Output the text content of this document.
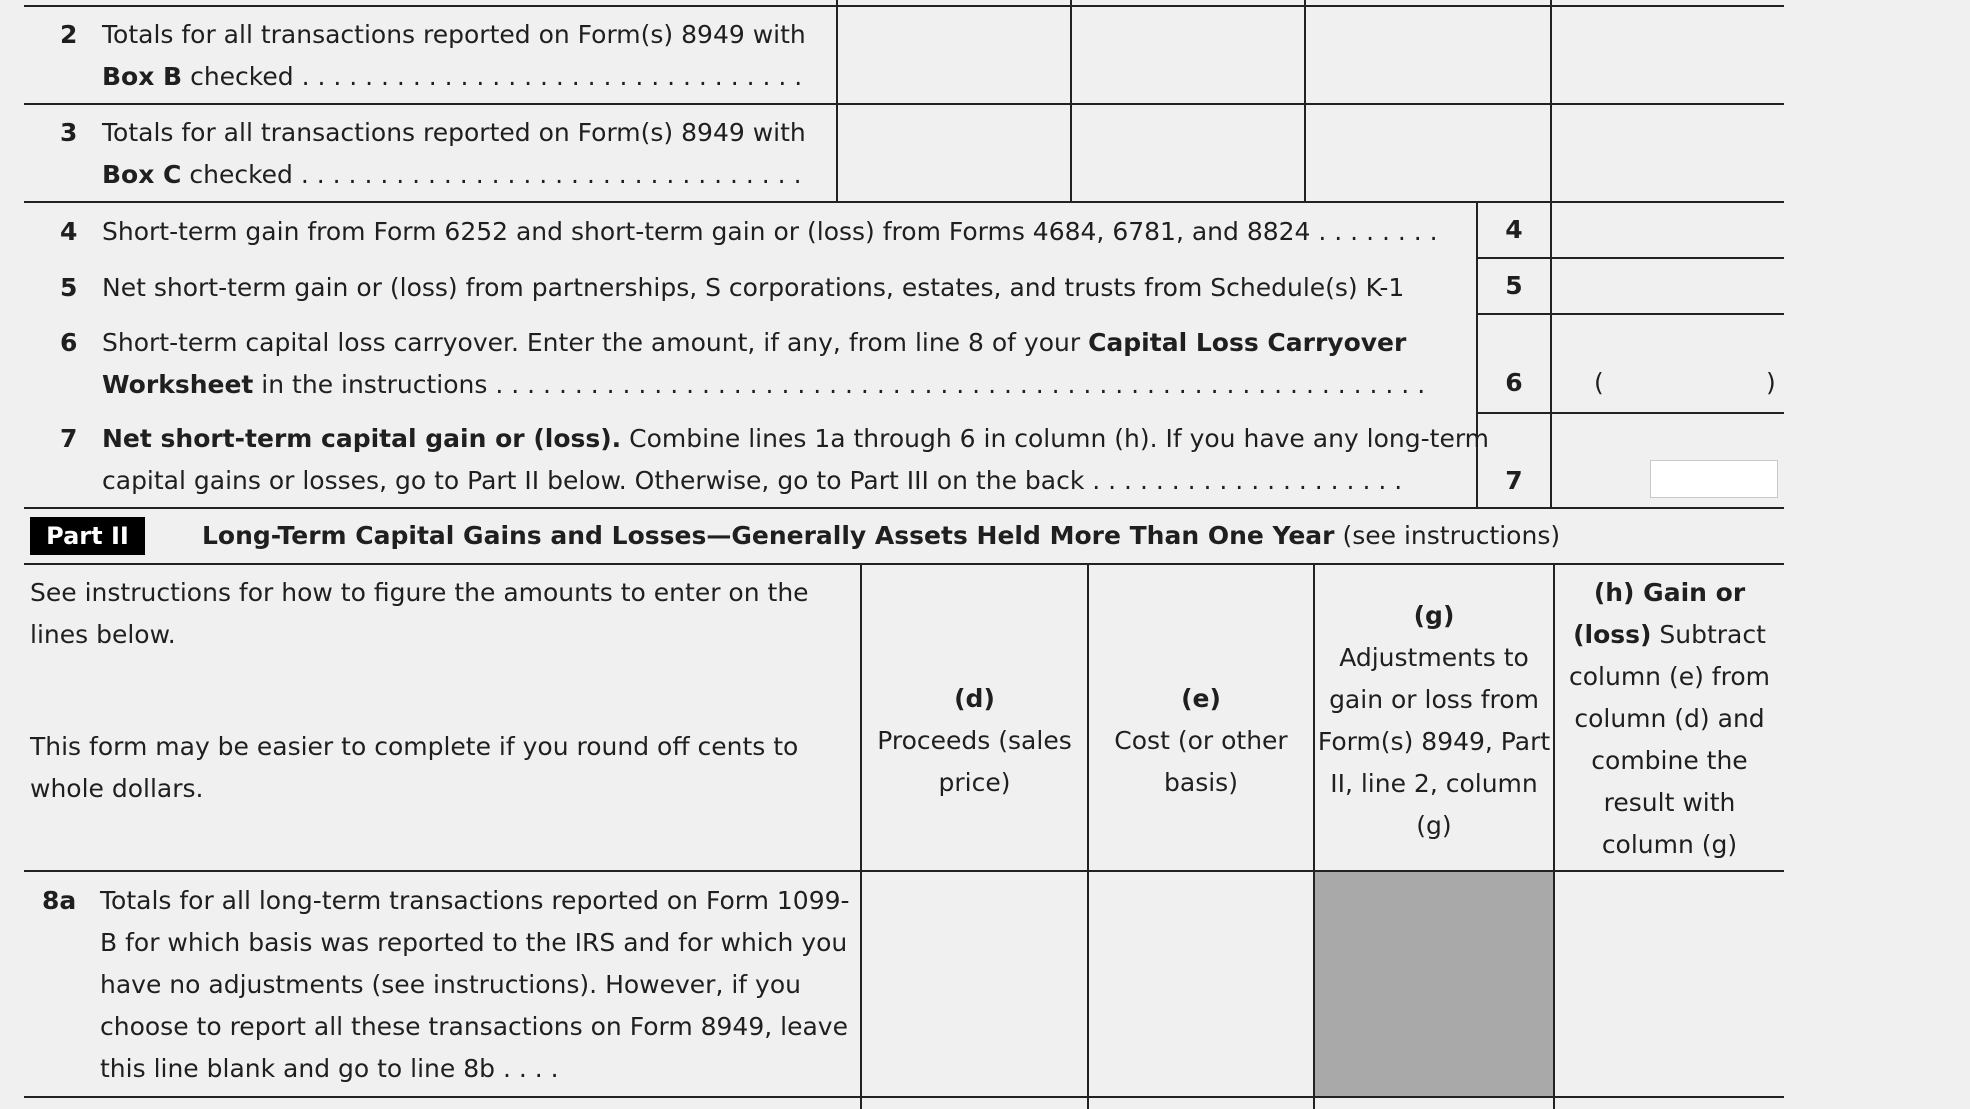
2 Totals for all transactions reported on Form(s) 8949 with
Box B checked . . . . . . . . . . . . . . . . . . . . . . . . . . . . . . . .
3 Totals for all transactions reported on Form(s) 8949 with
Box C checked . . . . . . . . . . . . . . . . . . . . . . . . . . . . . . . .
4 Short-term gain from Form 6252 and short-term gain or (loss) from Forms 4684, 6781, and 8824 . . . . . . . .	4
5 Net short-term gain or (loss) from partnerships, S corporations, estates, and trusts from Schedule(s) K-1	5
6 Short-term capital loss carryover. Enter the amount, if any, from line 8 of your Capital Loss Carryover
Worksheet in the instructions . . . . . . . . . . . . . . . . . . . . . . . . . . . . . . . . . . . . . . . . . . . . . . . . . . . . . . . . . . .	6	(	)
7 Net short-term capital gain or (loss). Combine lines 1a through 6 in column (h). If you have any long-term
capital gains or losses, go to Part II below. Otherwise, go to Part III on the back . . . . . . . . . . . . . . . . . . . .	7
Part II	Long-Term Capital Gains and Losses—Generally Assets Held More Than One Year (see instructions)
See instructions for how to figure the amounts to enter on the lines below.
This form may be easier to complete if you round off cents to whole dollars.
(d)
Proceeds (sales price)
(e)
Cost (or other basis)
(g)
Adjustments to gain or loss from Form(s) 8949, Part II, line 2, column (g)
(h) Gain or (loss) Subtract column (e) from column (d) and combine the result with column (g)
8a Totals for all long-term transactions reported on Form 1099-B for which basis was reported to the IRS and for which you have no adjustments (see instructions). However, if you choose to report all these transactions on Form 8949, leave this line blank and go to line 8b . . . .
